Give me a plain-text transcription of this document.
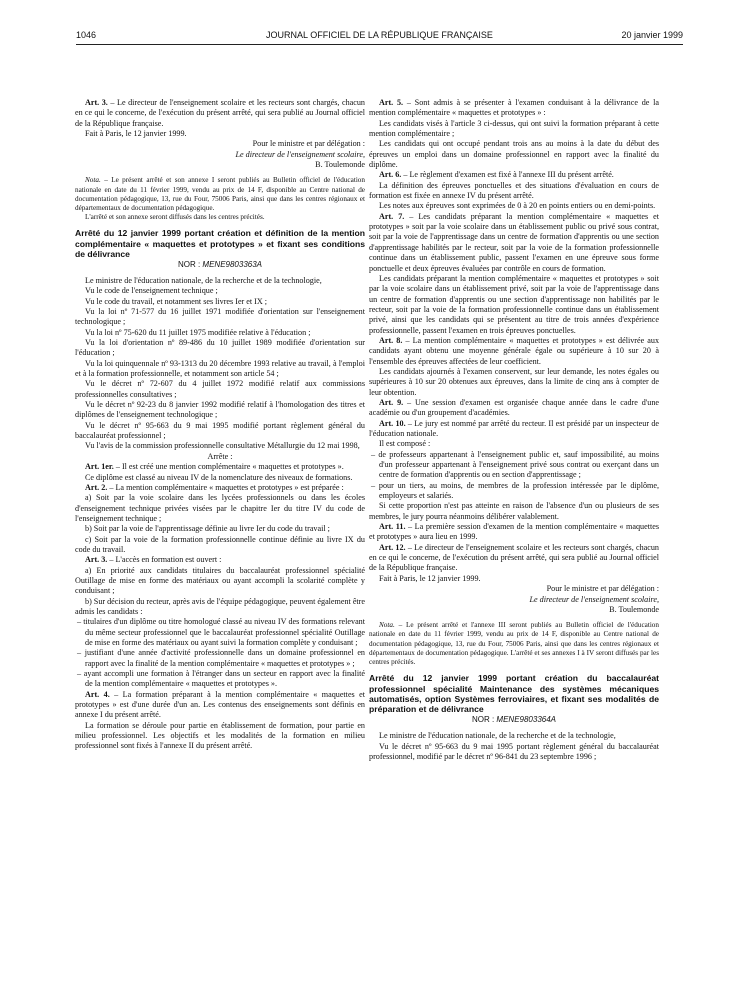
1046	JOURNAL OFFICIEL DE LA RÉPUBLIQUE FRANÇAISE	20 janvier 1999

Art. 3. – Le directeur de l'enseignement scolaire et les recteurs sont chargés, chacun en ce qui le concerne, de l'exécution du présent arrêté, qui sera publié au Journal officiel de la République française.

Fait à Paris, le 12 janvier 1999.

Pour le ministre et par délégation :

Le directeur de l'enseignement scolaire,

B. Toulemonde

Nota. – Le présent arrêté et son annexe I seront publiés au Bulletin officiel de l'éducation nationale en date du 11 février 1999, vendu au prix de 14 F, disponible au Centre national de documentation pédagogique, 13, rue du Four, 75006 Paris, ainsi que dans les centres régionaux et départementaux de documentation pédagogique.

L'arrêté et son annexe seront diffusés dans les centres précités.

Arrêté du 12 janvier 1999 portant création et définition de la mention complémentaire « maquettes et prototypes » et fixant ses conditions de délivrance

NOR : MENE9803363A

Le ministre de l'éducation nationale, de la recherche et de la technologie,

Vu le code de l'enseignement technique ;

Vu le code du travail, et notamment ses livres Ier et IX ;

Vu la loi nº 71-577 du 16 juillet 1971 modifiée d'orientation sur l'enseignement technologique ;

Vu la loi nº 75-620 du 11 juillet 1975 modifiée relative à l'éducation ;

Vu la loi d'orientation nº 89-486 du 10 juillet 1989 modifiée d'orientation sur l'éducation ;

Vu la loi quinquennale nº 93-1313 du 20 décembre 1993 relative au travail, à l'emploi et à la formation professionnelle, et notamment son article 54 ;

Vu le décret nº 72-607 du 4 juillet 1972 modifié relatif aux commissions professionnelles consultatives ;

Vu le décret nº 92-23 du 8 janvier 1992 modifié relatif à l'homologation des titres et diplômes de l'enseignement technologique ;

Vu le décret nº 95-663 du 9 mai 1995 modifié portant règlement général du baccalauréat professionnel ;

Vu l'avis de la commission professionnelle consultative Métallurgie du 12 mai 1998,

Arrête :

Art. 1er. – Il est créé une mention complémentaire « maquettes et prototypes ».

Ce diplôme est classé au niveau IV de la nomenclature des niveaux de formations.

Art. 2. – La mention complémentaire « maquettes et prototypes » est préparée :

a) Soit par la voie scolaire dans les lycées professionnels ou dans les écoles d'enseignement technique privées visées par le chapitre Ier du titre IV du code de l'enseignement technique ;

b) Soit par la voie de l'apprentissage définie au livre Ier du code du travail ;

c) Soit par la voie de la formation professionnelle continue définie au livre IX du code du travail.

Art. 3. – L'accès en formation est ouvert :

a) En priorité aux candidats titulaires du baccalauréat professionnel spécialité Outillage de mise en forme des matériaux ou ayant accompli la scolarité complète y conduisant ;

b) Sur décision du recteur, après avis de l'équipe pédagogique, peuvent également être admis les candidats :

– titulaires d'un diplôme ou titre homologué classé au niveau IV des formations relevant du même secteur professionnel que le baccalauréat professionnel spécialité Outillage de mise en forme des matériaux ou ayant suivi la formation complète y conduisant ;

– justifiant d'une année d'activité professionnelle dans un domaine professionnel en rapport avec la finalité de la mention complémentaire « maquettes et prototypes » ;

– ayant accompli une formation à l'étranger dans un secteur en rapport avec la finalité de la mention complémentaire « maquettes et prototypes ».

Art. 4. – La formation préparant à la mention complémentaire « maquettes et prototypes » est d'une durée d'un an. Les contenus des enseignements sont définis en annexe I du présent arrêté.

La formation se déroule pour partie en établissement de formation, pour partie en milieu professionnel. Les objectifs et les modalités de la formation en milieu professionnel sont fixés à l'annexe II du présent arrêté.

Art. 5. – Sont admis à se présenter à l'examen conduisant à la délivrance de la mention complémentaire « maquettes et prototypes » :

Les candidats visés à l'article 3 ci-dessus, qui ont suivi la formation préparant à cette mention complémentaire ;

Les candidats qui ont occupé pendant trois ans au moins à la date du début des épreuves un emploi dans un domaine professionnel en rapport avec la finalité du diplôme.

Art. 6. – Le règlement d'examen est fixé à l'annexe III du présent arrêté.

La définition des épreuves ponctuelles et des situations d'évaluation en cours de formation est fixée en annexe IV du présent arrêté.

Les notes aux épreuves sont exprimées de 0 à 20 en points entiers ou en demi-points.

Art. 7. – Les candidats préparant la mention complémentaire « maquettes et prototypes » soit par la voie scolaire dans un établissement public ou privé sous contrat, soit par la voie de l'apprentissage dans un centre de formation d'apprentis ou une section d'apprentissage habilités par le recteur, soit par la voie de la formation professionnelle continue dans un établissement public, passent l'examen en une épreuve sous forme ponctuelle et deux épreuves évaluées par contrôle en cours de formation.

Les candidats préparant la mention complémentaire « maquettes et prototypes » soit par la voie scolaire dans un établissement privé, soit par la voie de l'apprentissage dans un centre de formation d'apprentis ou une section d'apprentissage non habilités par le recteur, soit par la voie de la formation professionnelle continue dans un établissement privé, ainsi que les candidats qui se présentent au titre de trois années d'expérience professionnelle, passent l'examen en trois épreuves ponctuelles.

Art. 8. – La mention complémentaire « maquettes et prototypes » est délivrée aux candidats ayant obtenu une moyenne générale égale ou supérieure à 10 sur 20 à l'ensemble des épreuves affectées de leur coefficient.

Les candidats ajournés à l'examen conservent, sur leur demande, les notes égales ou supérieures à 10 sur 20 obtenues aux épreuves, dans la limite de cinq ans à compter de leur obtention.

Art. 9. – Une session d'examen est organisée chaque année dans le cadre d'une académie ou d'un groupement d'académies.

Art. 10. – Le jury est nommé par arrêté du recteur. Il est présidé par un inspecteur de l'éducation nationale.

Il est composé :

– de professeurs appartenant à l'enseignement public et, sauf impossibilité, au moins d'un professeur appartenant à l'enseignement privé sous contrat ou exerçant dans un centre de formation d'apprentis ou en section d'apprentissage ;

– pour un tiers, au moins, de membres de la profession intéressée par le diplôme, employeurs et salariés.

Si cette proportion n'est pas atteinte en raison de l'absence d'un ou plusieurs de ses membres, le jury pourra néanmoins délibérer valablement.

Art. 11. – La première session d'examen de la mention complémentaire « maquettes et prototypes » aura lieu en 1999.

Art. 12. – Le directeur de l'enseignement scolaire et les recteurs sont chargés, chacun en ce qui le concerne, de l'exécution du présent arrêté, qui sera publié au Journal officiel de la République française.

Fait à Paris, le 12 janvier 1999.

Pour le ministre et par délégation :

Le directeur de l'enseignement scolaire,

B. Toulemonde

Nota. – Le présent arrêté et l'annexe III seront publiés au Bulletin officiel de l'éducation nationale en date du 11 février 1999, vendu au prix de 14 F, disponible au Centre national de documentation pédagogique, 13, rue du Four, 75006 Paris, ainsi que dans les centres régionaux et départementaux de documentation pédagogique. L'arrêté et ses annexes I à IV seront diffusés par les centres précités.

Arrêté du 12 janvier 1999 portant création du baccalauréat professionnel spécialité Maintenance des systèmes mécaniques automatisés, option Systèmes ferroviaires, et fixant ses modalités de préparation et de délivrance

NOR : MENE9803364A

Le ministre de l'éducation nationale, de la recherche et de la technologie,

Vu le décret nº 95-663 du 9 mai 1995 portant règlement général du baccalauréat professionnel, modifié par le décret nº 96-841 du 23 septembre 1996 ;
